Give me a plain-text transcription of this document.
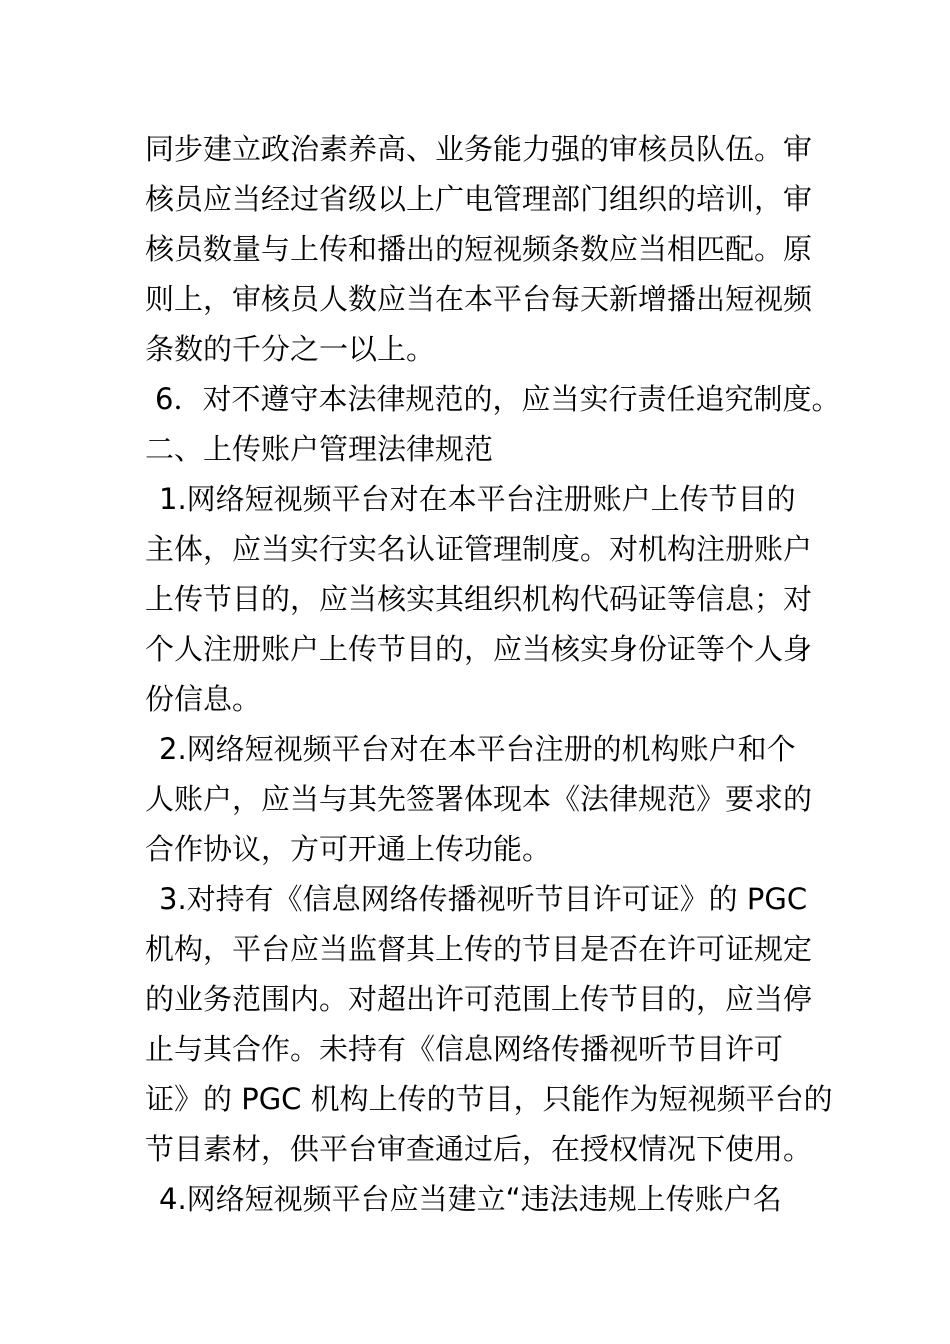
同步建立政治素养高、业务能力强的审核员队伍。审
核员应当经过省级以上广电管理部门组织的培训，审
核员数量与上传和播出的短视频条数应当相匹配。原
则上，审核员人数应当在本平台每天新增播出短视频
条数的千分之一以上。
6．对不遵守本法律规范的，应当实行责任追究制度。
二、上传账户管理法律规范
1.网络短视频平台对在本平台注册账户上传节目的
主体，应当实行实名认证管理制度。对机构注册账户
上传节目的，应当核实其组织机构代码证等信息；对
个人注册账户上传节目的，应当核实身份证等个人身
份信息。
2.网络短视频平台对在本平台注册的机构账户和个
人账户，应当与其先签署体现本《法律规范》要求的
合作协议，方可开通上传功能。
3.对持有《信息网络传播视听节目许可证》的 PGC
机构，平台应当监督其上传的节目是否在许可证规定
的业务范围内。对超出许可范围上传节目的，应当停
止与其合作。未持有《信息网络传播视听节目许可
证》的 PGC 机构上传的节目，只能作为短视频平台的
节目素材，供平台审查通过后，在授权情况下使用。
4.网络短视频平台应当建立“违法违规上传账户名
